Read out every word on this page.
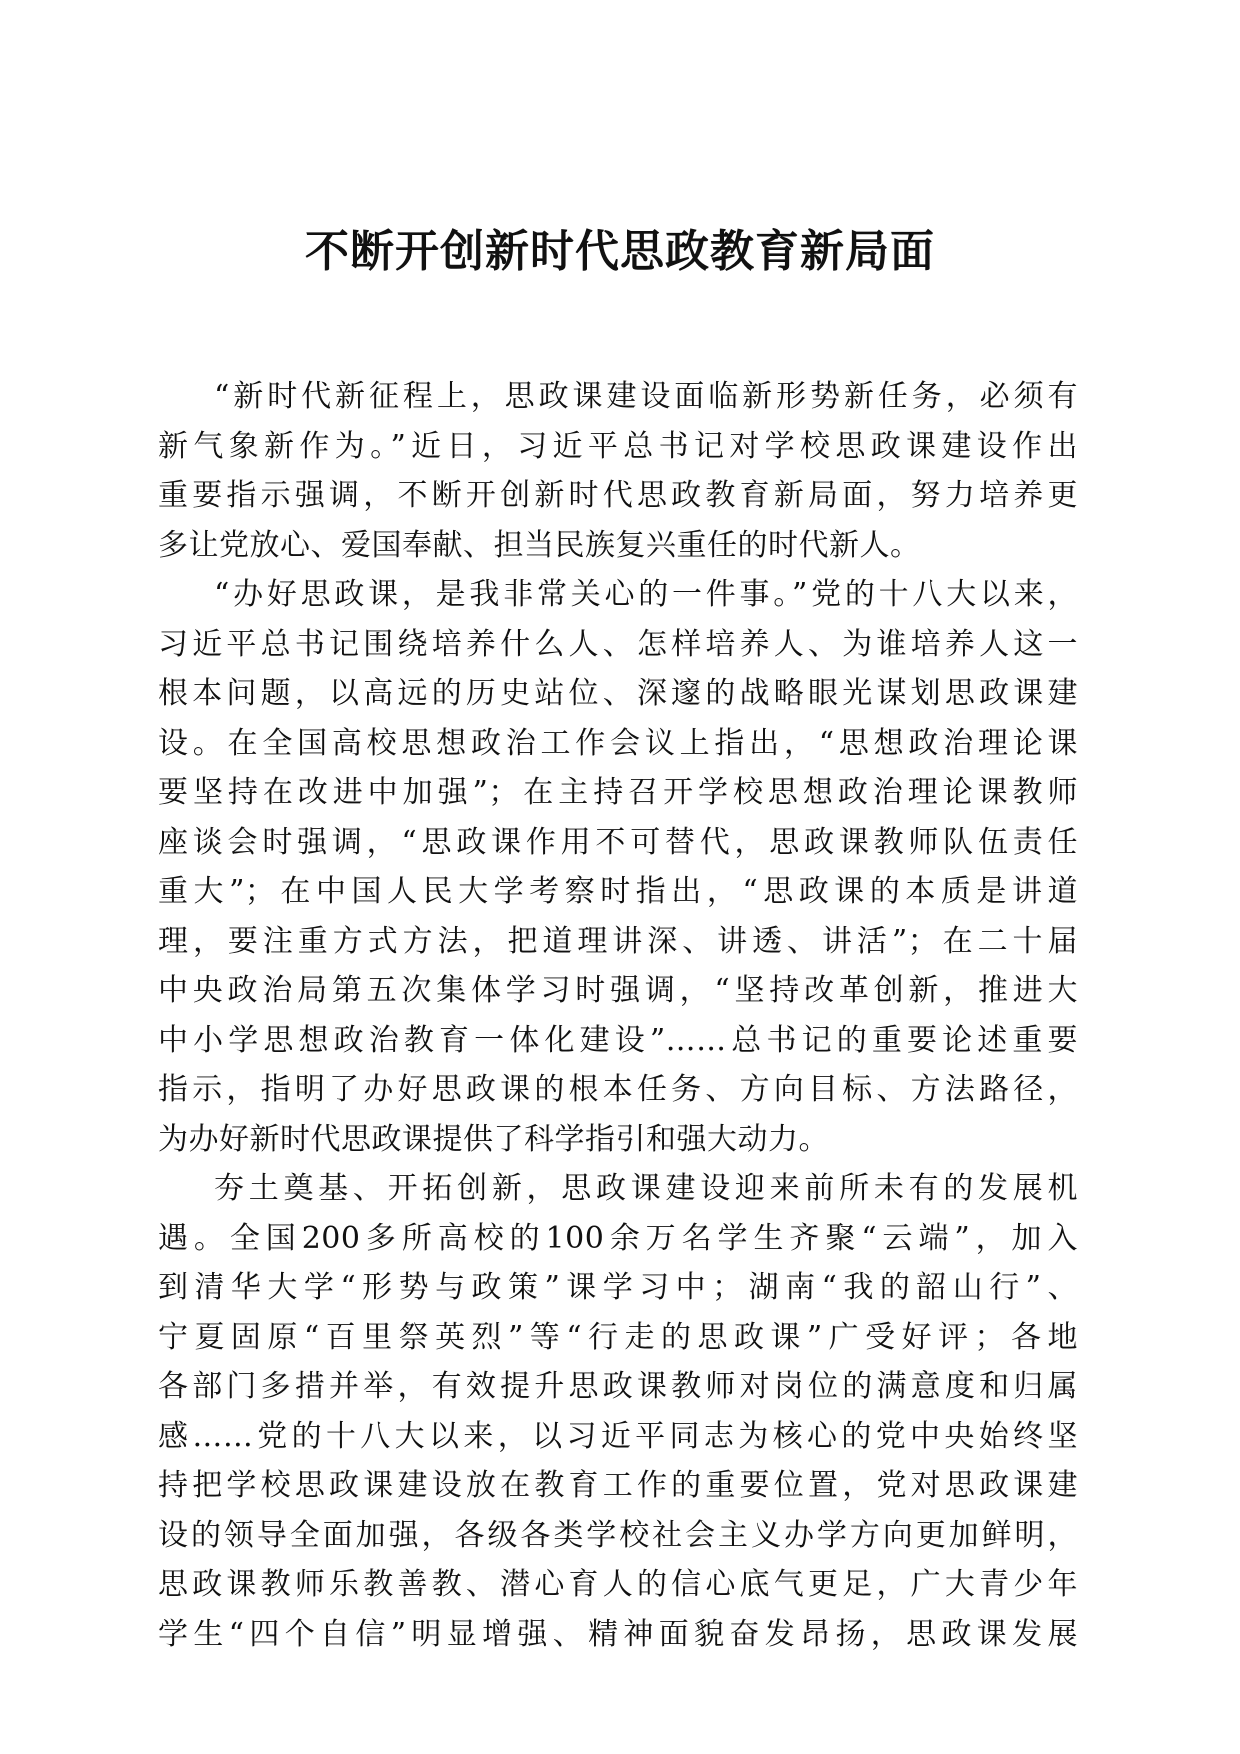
不断开创新时代思政教育新局面
“新时代新征程上，思政课建设面临新形势新任务，必须有
新气象新作为。”近日，习近平总书记对学校思政课建设作出
重要指示强调，不断开创新时代思政教育新局面，努力培养更
多让党放心、爱国奉献、担当民族复兴重任的时代新人。
“办好思政课，是我非常关心的一件事。”党的十八大以来，
习近平总书记围绕培养什么人、怎样培养人、为谁培养人这一
根本问题，以高远的历史站位、深邃的战略眼光谋划思政课建
设。在全国高校思想政治工作会议上指出，“思想政治理论课
要坚持在改进中加强”；在主持召开学校思想政治理论课教师
座谈会时强调，“思政课作用不可替代，思政课教师队伍责任
重大”；在中国人民大学考察时指出，“思政课的本质是讲道
理，要注重方式方法，把道理讲深、讲透、讲活”；在二十届
中央政治局第五次集体学习时强调，“坚持改革创新，推进大
中小学思想政治教育一体化建设”……总书记的重要论述重要
指示，指明了办好思政课的根本任务、方向目标、方法路径，
为办好新时代思政课提供了科学指引和强大动力。
夯土奠基、开拓创新，思政课建设迎来前所未有的发展机
遇。全国200多所高校的100余万名学生齐聚“云端”，加入
到清华大学“形势与政策”课学习中；湖南“我的韶山行”、
宁夏固原“百里祭英烈”等“行走的思政课”广受好评；各地
各部门多措并举，有效提升思政课教师对岗位的满意度和归属
感……党的十八大以来，以习近平同志为核心的党中央始终坚
持把学校思政课建设放在教育工作的重要位置，党对思政课建
设的领导全面加强，各级各类学校社会主义办学方向更加鲜明，
思政课教师乐教善教、潜心育人的信心底气更足，广大青少年
学生“四个自信”明显增强、精神面貌奋发昂扬，思政课发展
